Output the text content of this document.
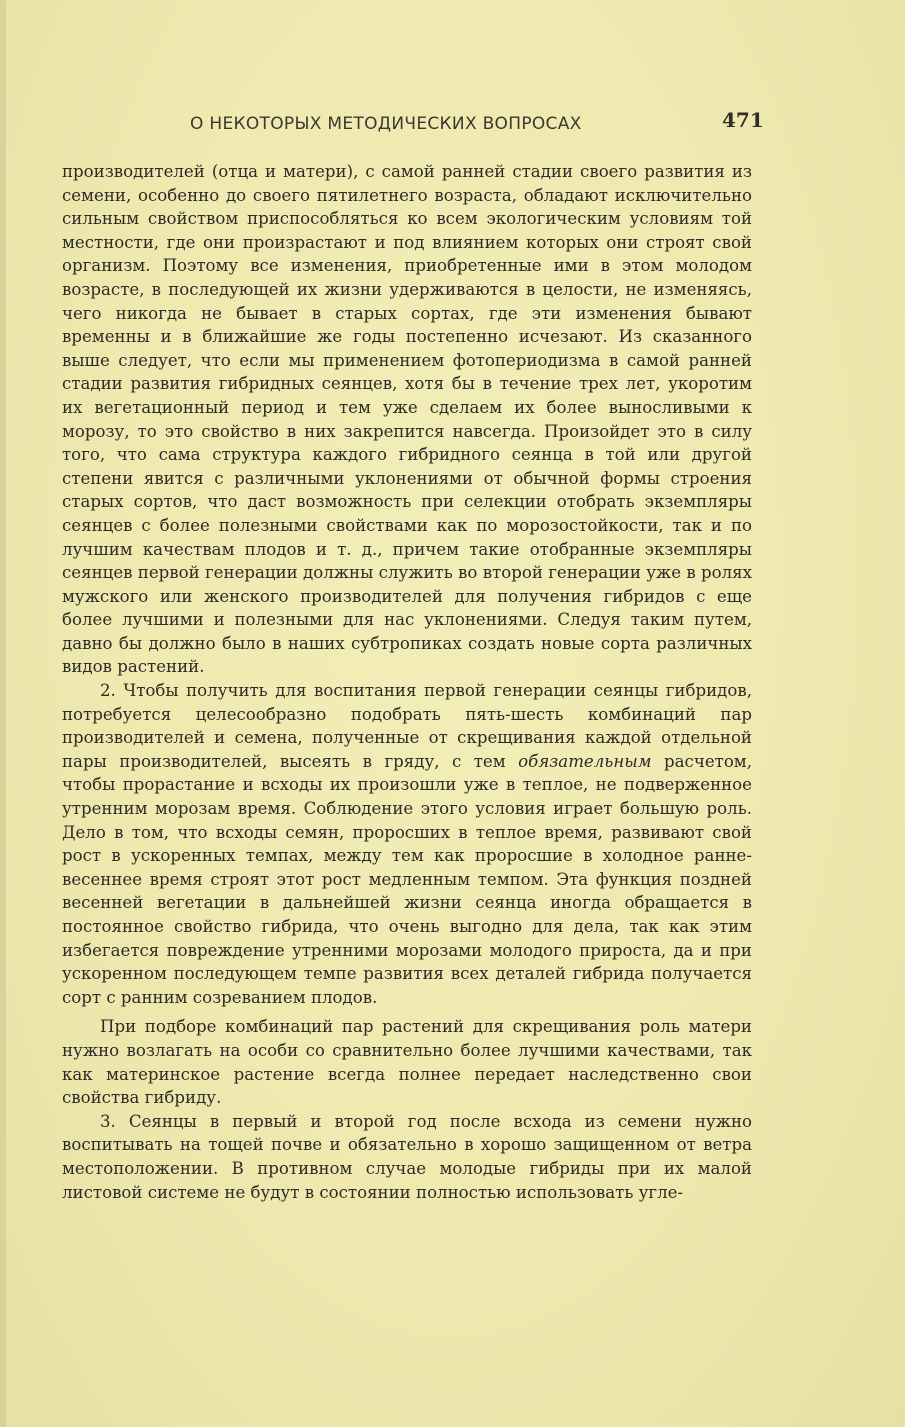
О НЕКОТОРЫХ МЕТОДИЧЕСКИХ ВОПРОСАХ	471

производителей (отца и матери), с самой ранней стадии своего развития из семени, особенно до своего пятилетнего возраста, обладают исключительно сильным свойством приспособляться ко всем экологическим условиям той местности, где они произрастают и под влиянием которых они строят свой организм. Поэтому все изменения, приобретенные ими в этом молодом возрасте, в последующей их жизни удерживаются в целости, не изменяясь, чего никогда не бывает в старых сортах, где эти изменения бывают временны и в ближайшие же годы постепенно исчезают. Из сказанного выше следует, что если мы применением фотопериодизма в самой ранней стадии развития гибридных сеянцев, хотя бы в течение трех лет, укоротим их вегетационный период и тем уже сделаем их более выносливыми к морозу, то это свойство в них закрепится навсегда. Произойдет это в силу того, что сама структура каждого гибридного сеянца в той или другой степени явится с различными уклонениями от обычной формы строения старых сортов, что даст возможность при селекции отобрать экземпляры сеянцев с более полезными свойствами как по морозостойкости, так и по лучшим качествам плодов и т. д., причем такие отобранные экземпляры сеянцев первой генерации должны служить во второй генерации уже в ролях мужского или женского производителей для получения гибридов с еще более лучшими и полезными для нас уклонениями. Следуя таким путем, давно бы должно было в наших субтропиках создать новые сорта различных видов растений.

2. Чтобы получить для воспитания первой генерации сеянцы гибридов, потребуется целесообразно подобрать пять-шесть комбинаций пар производителей и семена, полученные от скрещивания каждой отдельной пары производителей, высеять в гряду, с тем обязательным расчетом, чтобы прорастание и всходы их произошли уже в теплое, не подверженное утренним морозам время. Соблюдение этого условия играет большую роль. Дело в том, что всходы семян, проросших в теплое время, развивают свой рост в ускоренных темпах, между тем как проросшие в холодное ранне-весеннее время строят этот рост медленным темпом. Эта функция поздней весенней вегетации в дальнейшей жизни сеянца иногда обращается в постоянное свойство гибрида, что очень выгодно для дела, так как этим избегается повреждение утренними морозами молодого прироста, да и при ускоренном последующем темпе развития всех деталей гибрида получается сорт с ранним созреванием плодов.

При подборе комбинаций пар растений для скрещивания роль матери нужно возлагать на особи со сравнительно более лучшими качествами, так как материнское растение всегда полнее передает наследственно свои свойства гибриду.

3. Сеянцы в первый и второй год после всхода из семени нужно воспитывать на тощей почве и обязательно в хорошо защищенном от ветра местоположении. В противном случае молодые гибриды при их малой листовой системе не будут в состоянии полностью использовать угле-
